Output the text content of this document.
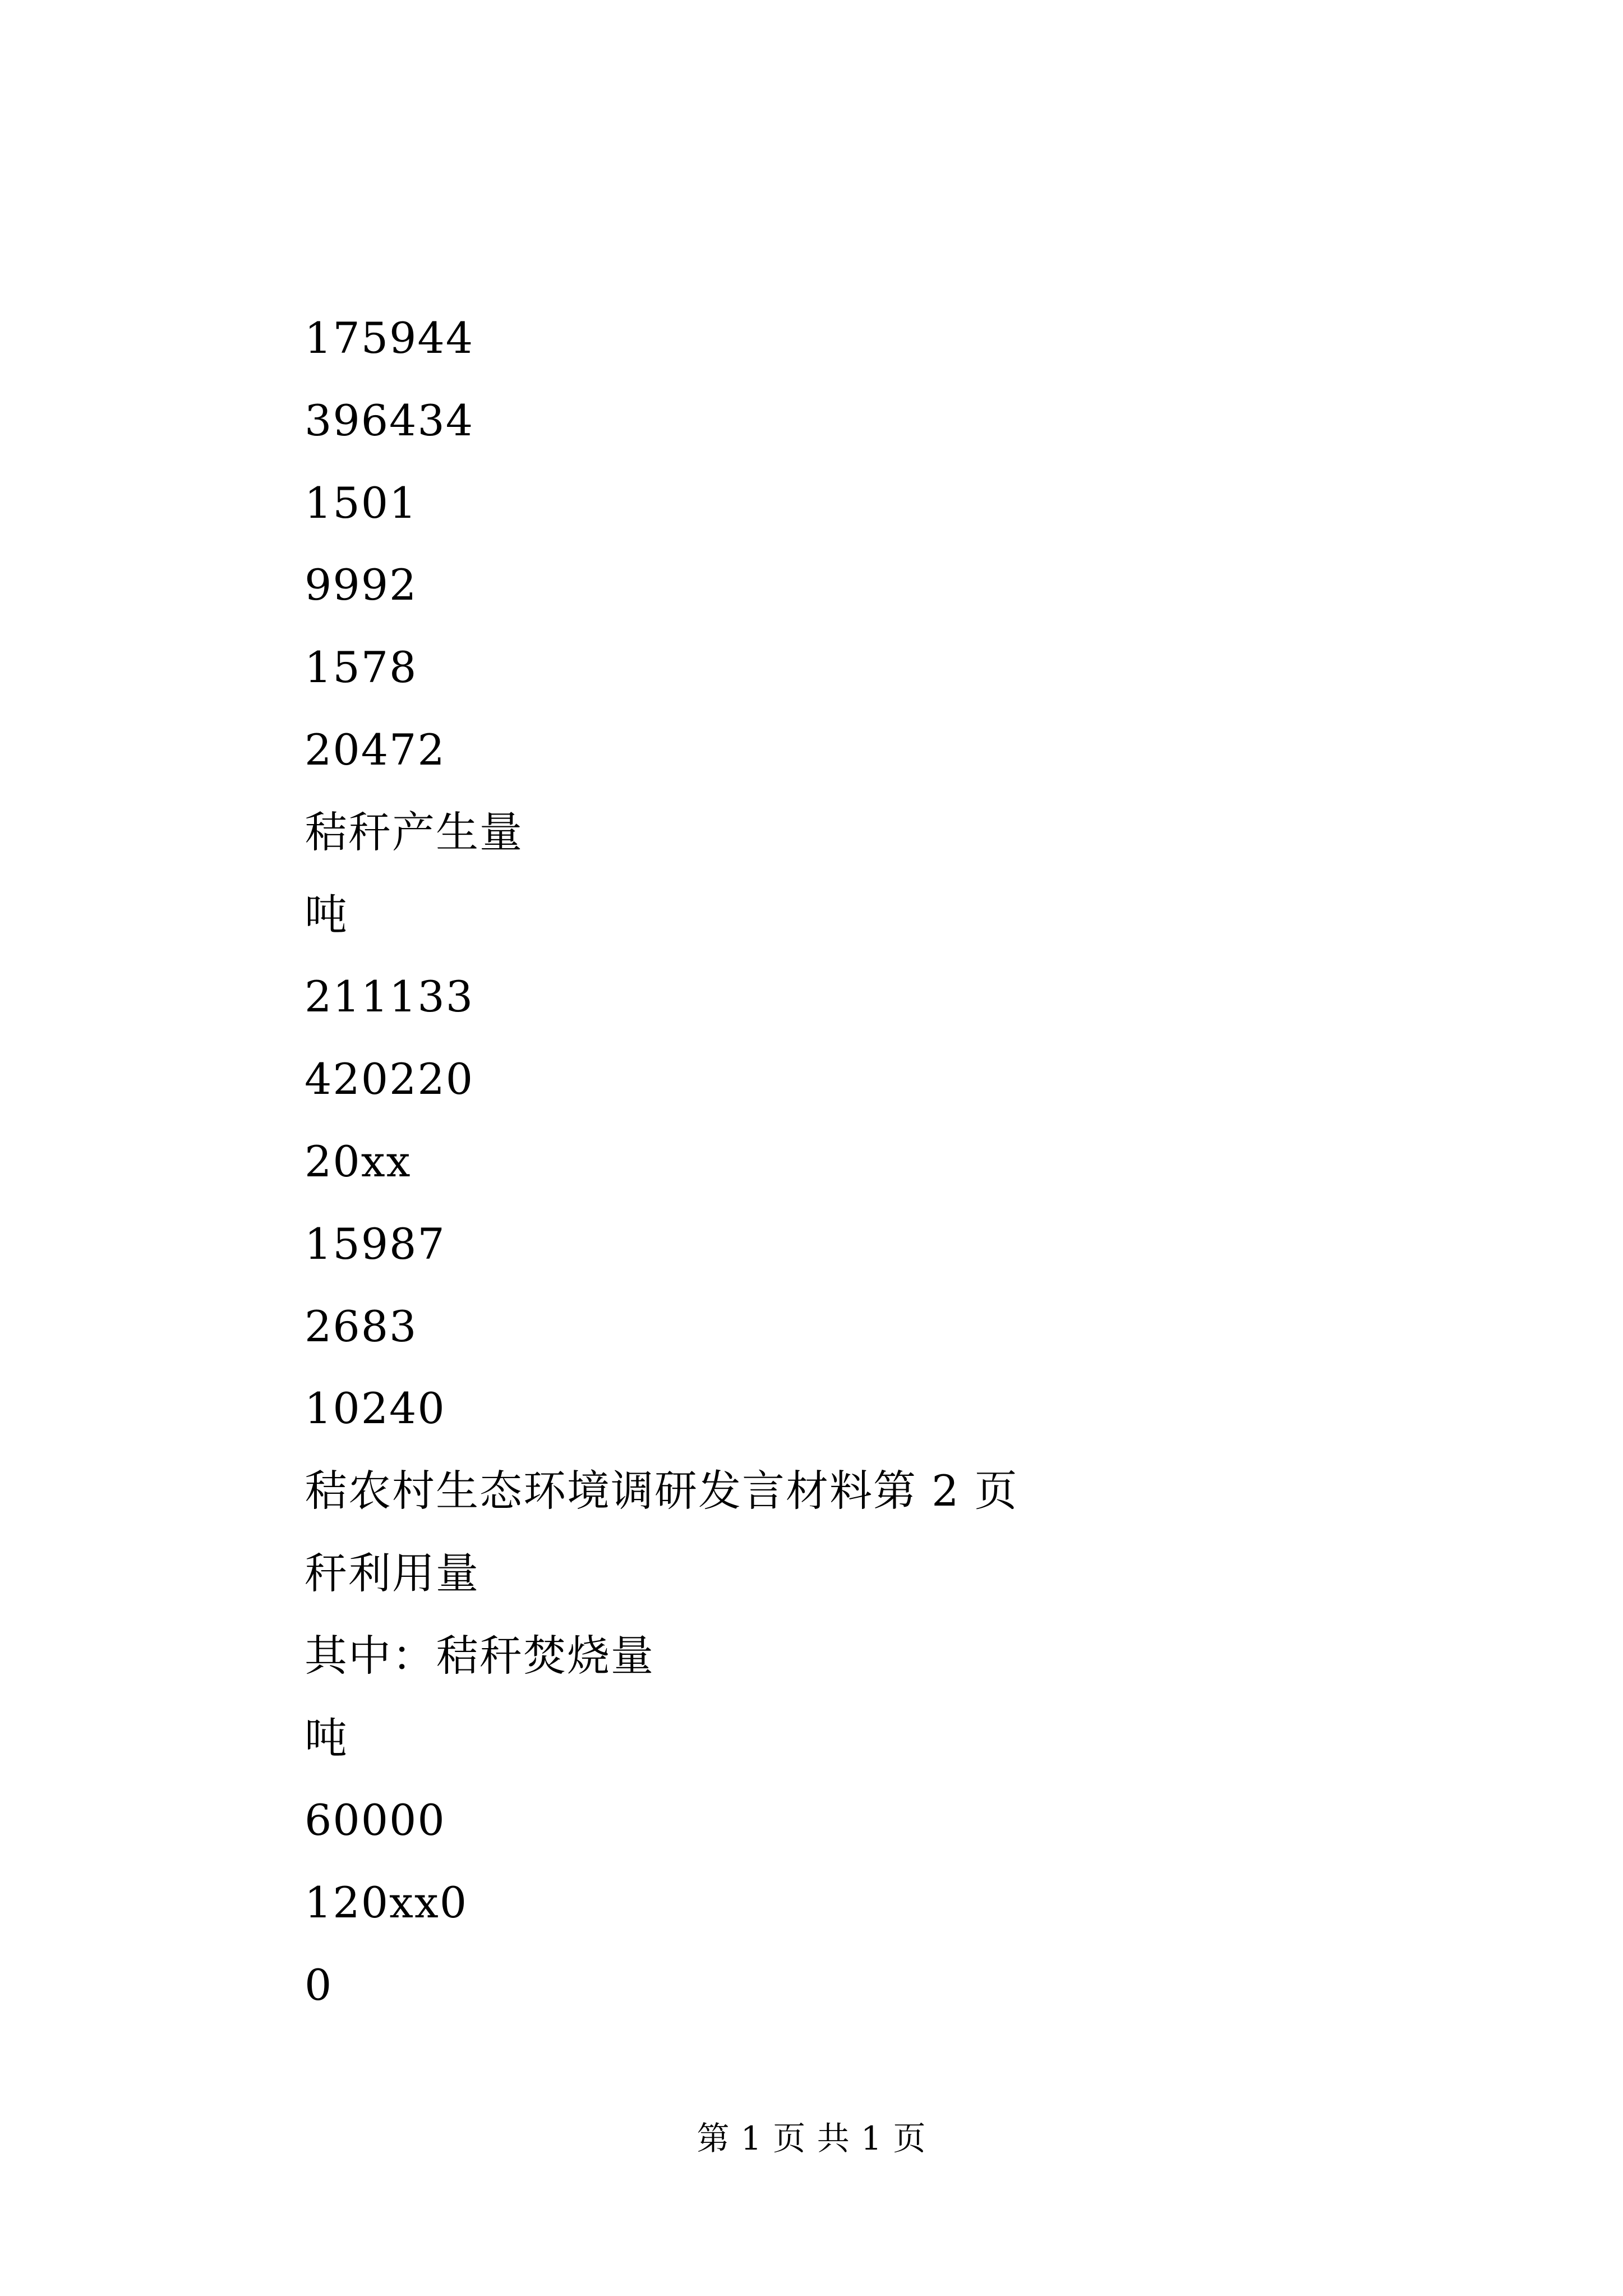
175944
396434
1501
9992
1578
20472
秸秆产生量
吨
211133
420220
20xx
15987
2683
10240
秸农村生态环境调研发言材料第 2 页
秆利用量
其中：秸秆焚烧量
吨
60000
120xx0
0
第 1 页 共 1 页
